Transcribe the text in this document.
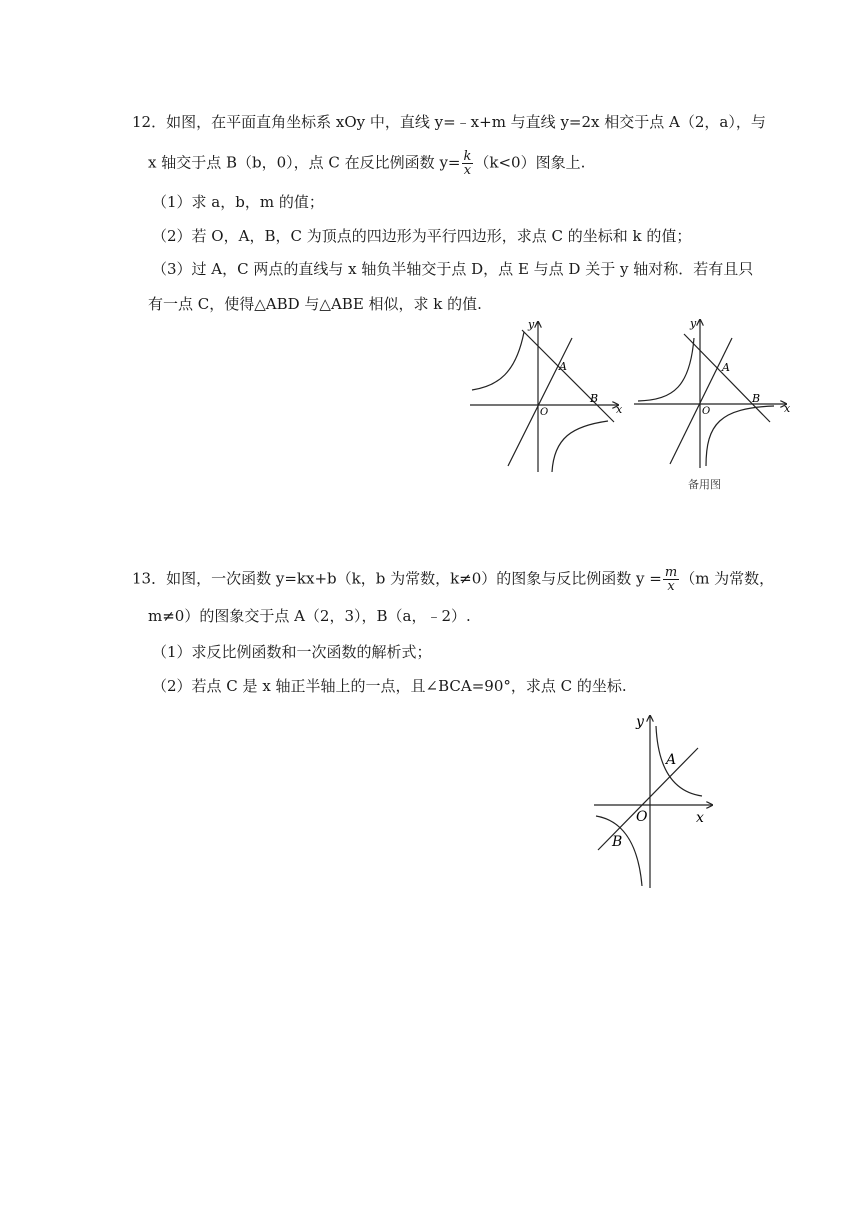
12．如图，在平面直角坐标系 xOy 中，直线 y=﹣x+m 与直线 y=2x 相交于点 A（2，a），与
x 轴交于点 B（b，0），点 C 在反比例函数 $y= \frac{k}{x} (k<0)$图象上.
（1）求 a，b，m 的值；
（2）若 O，A，B，C 为顶点的四边形为平行四边形，求点 C 的坐标和 k 的值；
（3）过 A，C 两点的直线与 x 轴负半轴交于点 D，点 E 与点 D 关于 y 轴对称．若有且只
有一点 C，使得△ABD 与△ABE 相似，求 k 的值.
y
A
O
B
x
y
A
O
B
x
备用图
13．如图，一次函数 y=kx+b（k，b 为常数，k≠0）的图象与反比例函数 $y = \frac{m}{x} (m$ 为常数，
m≠0）的图象交于点 A（2，3），B（a，﹣2）.
（1）求反比例函数和一次函数的解析式；
（2）若点 C 是 x 轴正半轴上的一点，且∠BCA=90°，求点 C 的坐标.
y
A
O
B
x
